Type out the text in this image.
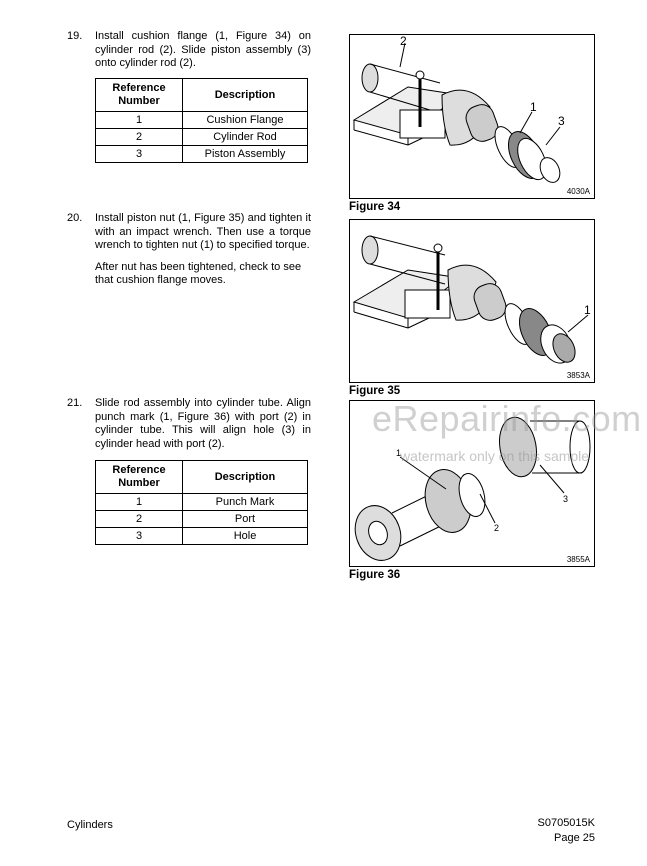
19.	Install cushion flange (1, Figure 34) on cylinder rod (2). Slide piston assembly (3) onto cylinder rod (2).

Reference Number	Description
1	Cushion Flange
2	Cylinder Rod
3	Piston Assembly
20.	Install piston nut (1, Figure 35) and tighten it with an impact wrench. Then use a torque wrench to tighten nut (1) to specified torque.

After nut has been tightened, check to see that cushion flange moves.

21.	Slide rod assembly into cylinder tube. Align punch mark (1, Figure 36) with port (2) in cylinder tube. This will align hole (3) in cylinder head with port (2).

Reference Number	Description
1	Punch Mark
2	Port
3	Hole
2
1
3
4030A
Figure 34
1
3853A
Figure 35
1
2
3
3855A
Figure 36
eRepairinfo.com
watermark only on this sample
Cylinders	S0705015K
Page 25
